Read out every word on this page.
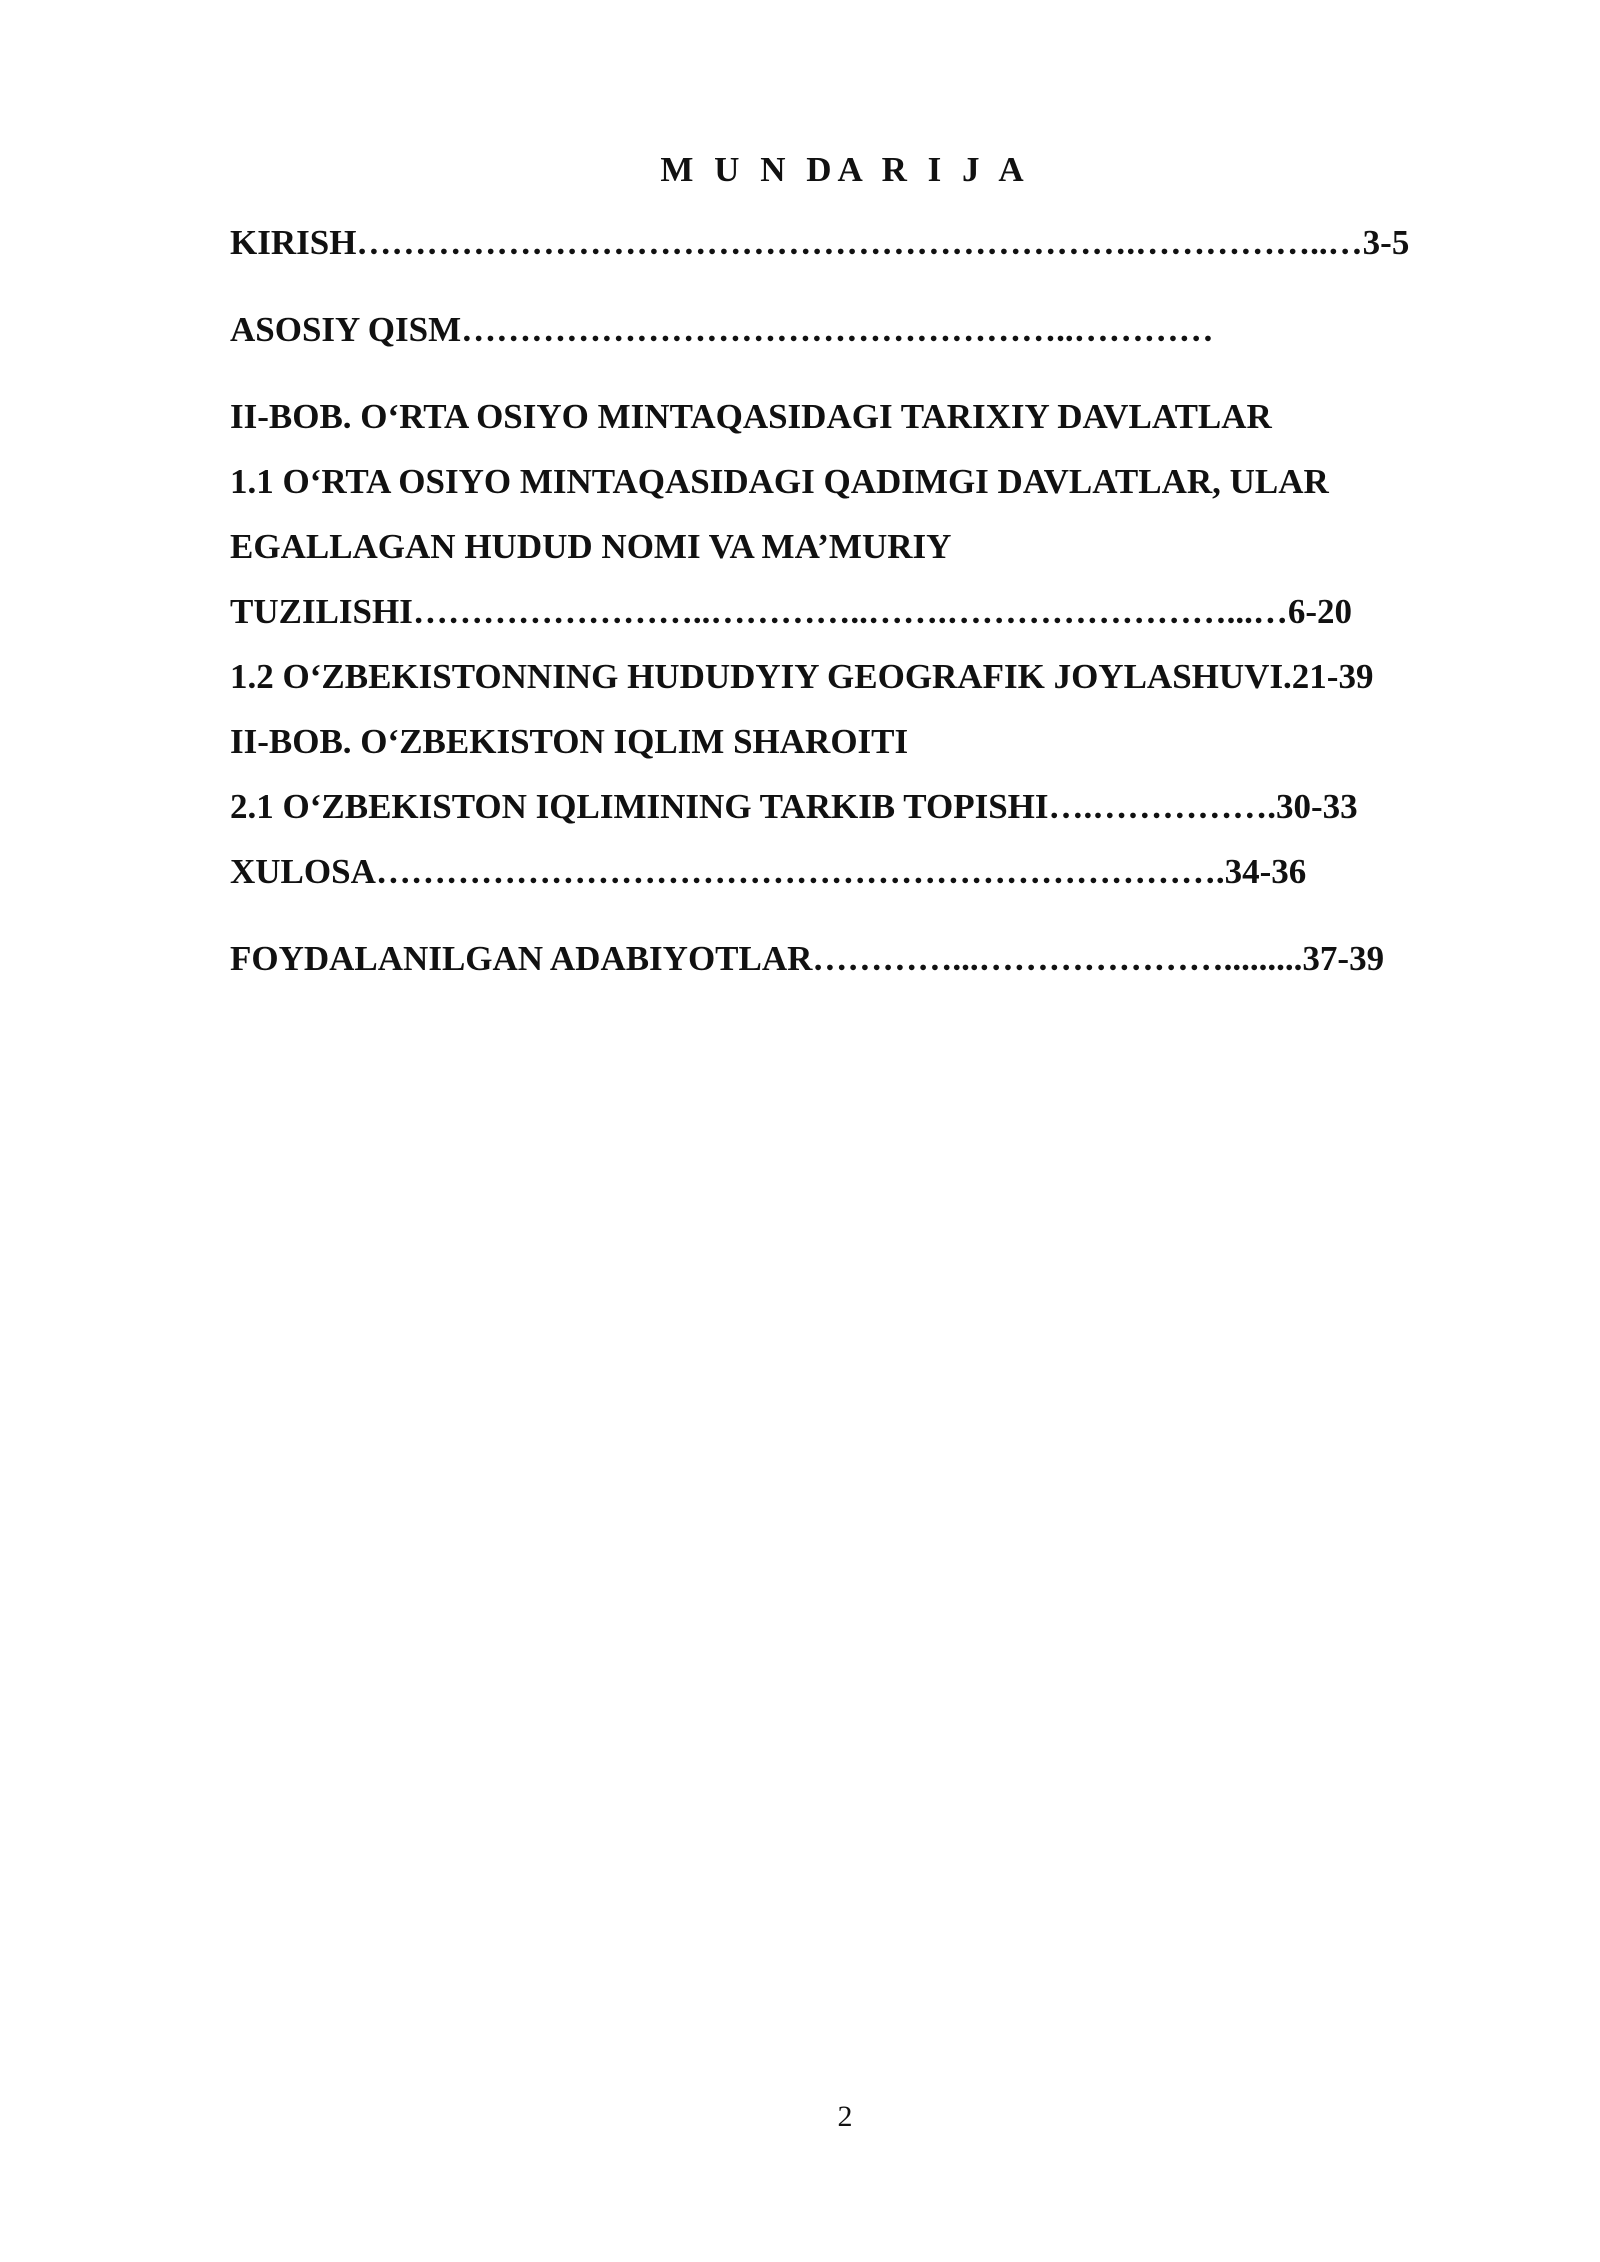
M U N DA R I J A
KIRISH………………………………………………………….……………..…3-5
ASOSIY QISM……………………………………………..…………
II-BOB. O‘RTA OSIYO MINTAQASIDAGI TARIXIY DAVLATLAR
1.1 O‘RTA OSIYO MINTAQASIDAGI QADIMGI DAVLATLAR, ULAR
EGALLAGAN HUDUD NOMI VA MA’MURIY
TUZILISHI……………………..…………..…….……………………...…6-20
1.2 O‘ZBEKISTONNING HUDUDYIY GEOGRAFIK JOYLASHUVI.21-39
II-BOB. O‘ZBEKISTON IQLIM SHAROITI
2.1 O‘ZBEKISTON IQLIMINING TARKIB TOPISHI….…………….30-33
XULOSA……………………………………………………………….34-36
FOYDALANILGAN ADABIYOTLAR…………...………………….........37-39
2
